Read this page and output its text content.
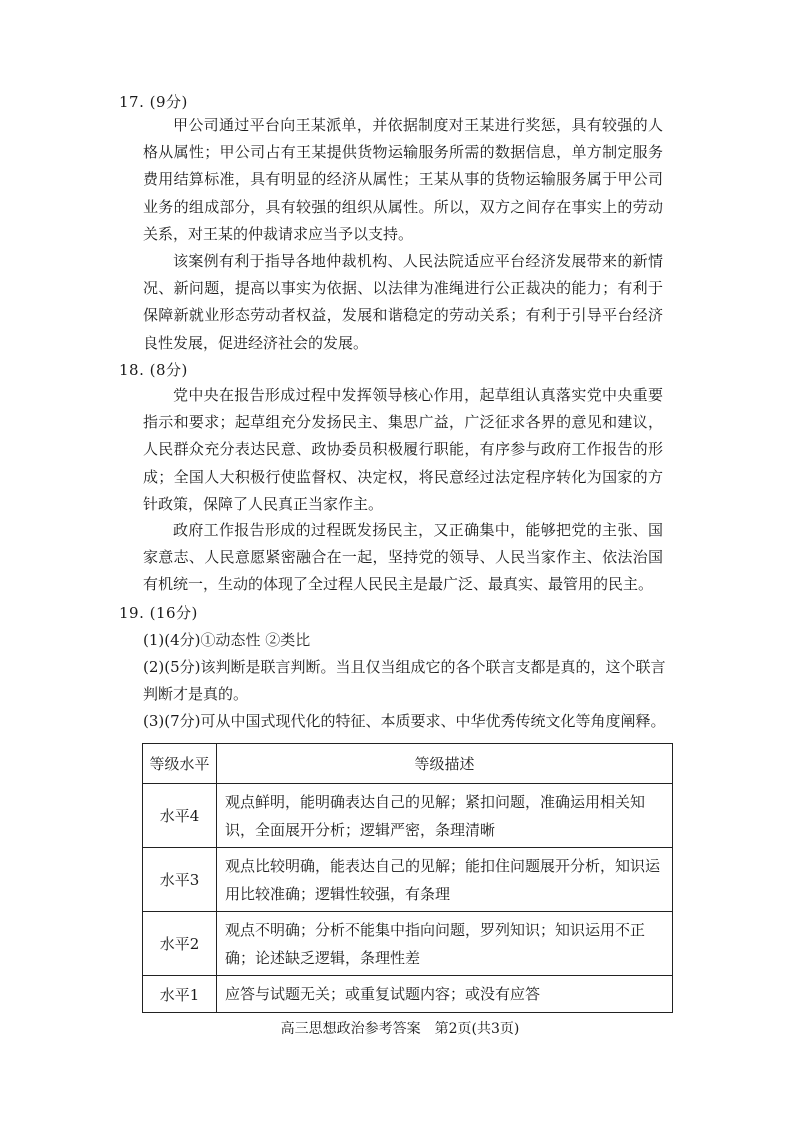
17. (9分)

甲公司通过平台向王某派单，并依据制度对王某进行奖惩，具有较强的人格从属性；甲公司占有王某提供货物运输服务所需的数据信息，单方制定服务费用结算标准，具有明显的经济从属性；王某从事的货物运输服务属于甲公司业务的组成部分，具有较强的组织从属性。所以，双方之间存在事实上的劳动关系，对王某的仲裁请求应当予以支持。

该案例有利于指导各地仲裁机构、人民法院适应平台经济发展带来的新情况、新问题，提高以事实为依据、以法律为准绳进行公正裁决的能力；有利于保障新就业形态劳动者权益，发展和谐稳定的劳动关系；有利于引导平台经济良性发展，促进经济社会的发展。

18. (8分)

党中央在报告形成过程中发挥领导核心作用，起草组认真落实党中央重要指示和要求；起草组充分发扬民主、集思广益，广泛征求各界的意见和建议，人民群众充分表达民意、政协委员积极履行职能，有序参与政府工作报告的形成；全国人大积极行使监督权、决定权，将民意经过法定程序转化为国家的方针政策，保障了人民真正当家作主。

政府工作报告形成的过程既发扬民主，又正确集中，能够把党的主张、国家意志、人民意愿紧密融合在一起，坚持党的领导、人民当家作主、依法治国有机统一，生动的体现了全过程人民民主是最广泛、最真实、最管用的民主。

19. (16分)

(1)(4分)①动态性 ②类比

(2)(5分)该判断是联言判断。当且仅当组成它的各个联言支都是真的，这个联言判断才是真的。

(3)(7分)可从中国式现代化的特征、本质要求、中华优秀传统文化等角度阐释。

等级水平	等级描述
水平4	观点鲜明，能明确表达自己的见解；紧扣问题，准确运用相关知识，全面展开分析；逻辑严密，条理清晰
水平3	观点比较明确，能表达自己的见解；能扣住问题展开分析，知识运用比较准确；逻辑性较强，有条理
水平2	观点不明确；分析不能集中指向问题，罗列知识；知识运用不正确；论述缺乏逻辑，条理性差
水平1	应答与试题无关；或重复试题内容；或没有应答
高三思想政治参考答案　第2页(共3页)
